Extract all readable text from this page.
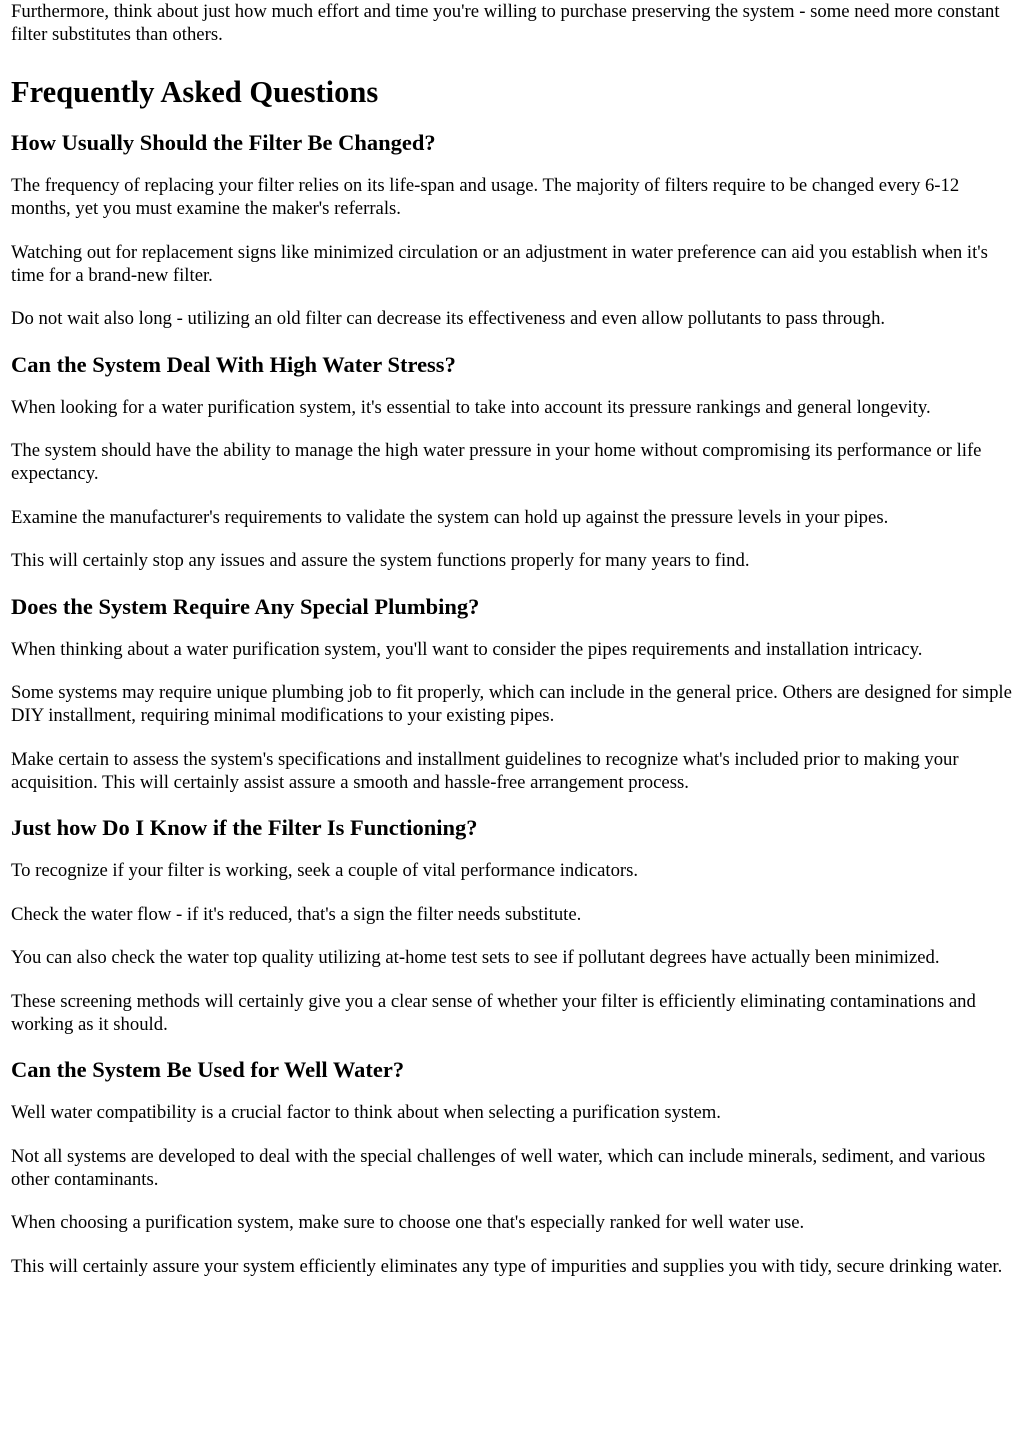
Furthermore, think about just how much effort and time you're willing to purchase preserving the system - some need more constant filter substitutes than others.

Frequently Asked Questions
How Usually Should the Filter Be Changed?

The frequency of replacing your filter relies on its life-span and usage. The majority of filters require to be changed every 6-12 months, yet you must examine the maker's referrals.

Watching out for replacement signs like minimized circulation or an adjustment in water preference can aid you establish when it's time for a brand-new filter.

Do not wait also long - utilizing an old filter can decrease its effectiveness and even allow pollutants to pass through.

Can the System Deal With High Water Stress?

When looking for a water purification system, it's essential to take into account its pressure rankings and general longevity.

The system should have the ability to manage the high water pressure in your home without compromising its performance or life expectancy.

Examine the manufacturer's requirements to validate the system can hold up against the pressure levels in your pipes.

This will certainly stop any issues and assure the system functions properly for many years to find.

Does the System Require Any Special Plumbing?

When thinking about a water purification system, you'll want to consider the pipes requirements and installation intricacy.

Some systems may require unique plumbing job to fit properly, which can include in the general price. Others are designed for simple DIY installment, requiring minimal modifications to your existing pipes.

Make certain to assess the system's specifications and installment guidelines to recognize what's included prior to making your acquisition. This will certainly assist assure a smooth and hassle-free arrangement process.

Just how Do I Know if the Filter Is Functioning?

To recognize if your filter is working, seek a couple of vital performance indicators.

Check the water flow - if it's reduced, that's a sign the filter needs substitute.

You can also check the water top quality utilizing at-home test sets to see if pollutant degrees have actually been minimized.

These screening methods will certainly give you a clear sense of whether your filter is efficiently eliminating contaminations and working as it should.

Can the System Be Used for Well Water?

Well water compatibility is a crucial factor to think about when selecting a purification system.

Not all systems are developed to deal with the special challenges of well water, which can include minerals, sediment, and various other contaminants.

When choosing a purification system, make sure to choose one that's especially ranked for well water use.

This will certainly assure your system efficiently eliminates any type of impurities and supplies you with tidy, secure drinking water.
